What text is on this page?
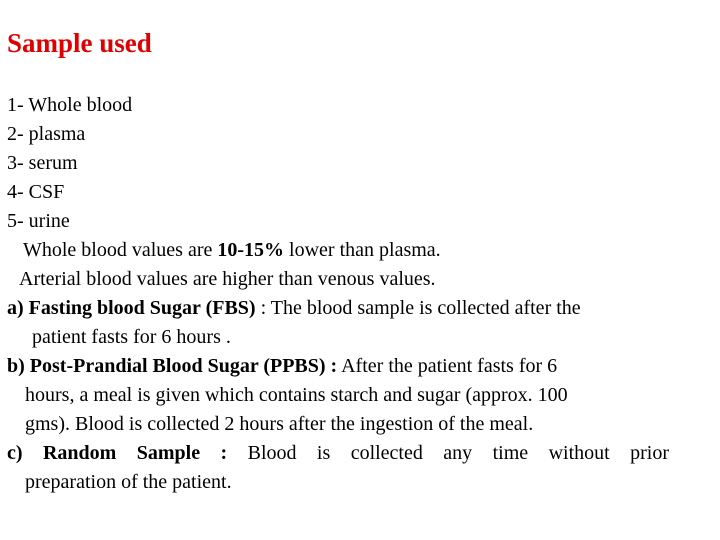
Sample used
1- Whole blood
2- plasma
3- serum
4- CSF
5- urine
Whole blood values are 10-15% lower than plasma.
Arterial blood values are higher than venous values.
a) Fasting blood Sugar (FBS) : The blood sample is collected after the
patient fasts for 6 hours .
b) Post-Prandial Blood Sugar (PPBS) : After the patient fasts for 6
hours, a meal is given which contains starch and sugar (approx. 100
gms). Blood is collected 2 hours after the ingestion of the meal.
c) Random Sample : Blood is collected any time without prior
preparation of the patient.
